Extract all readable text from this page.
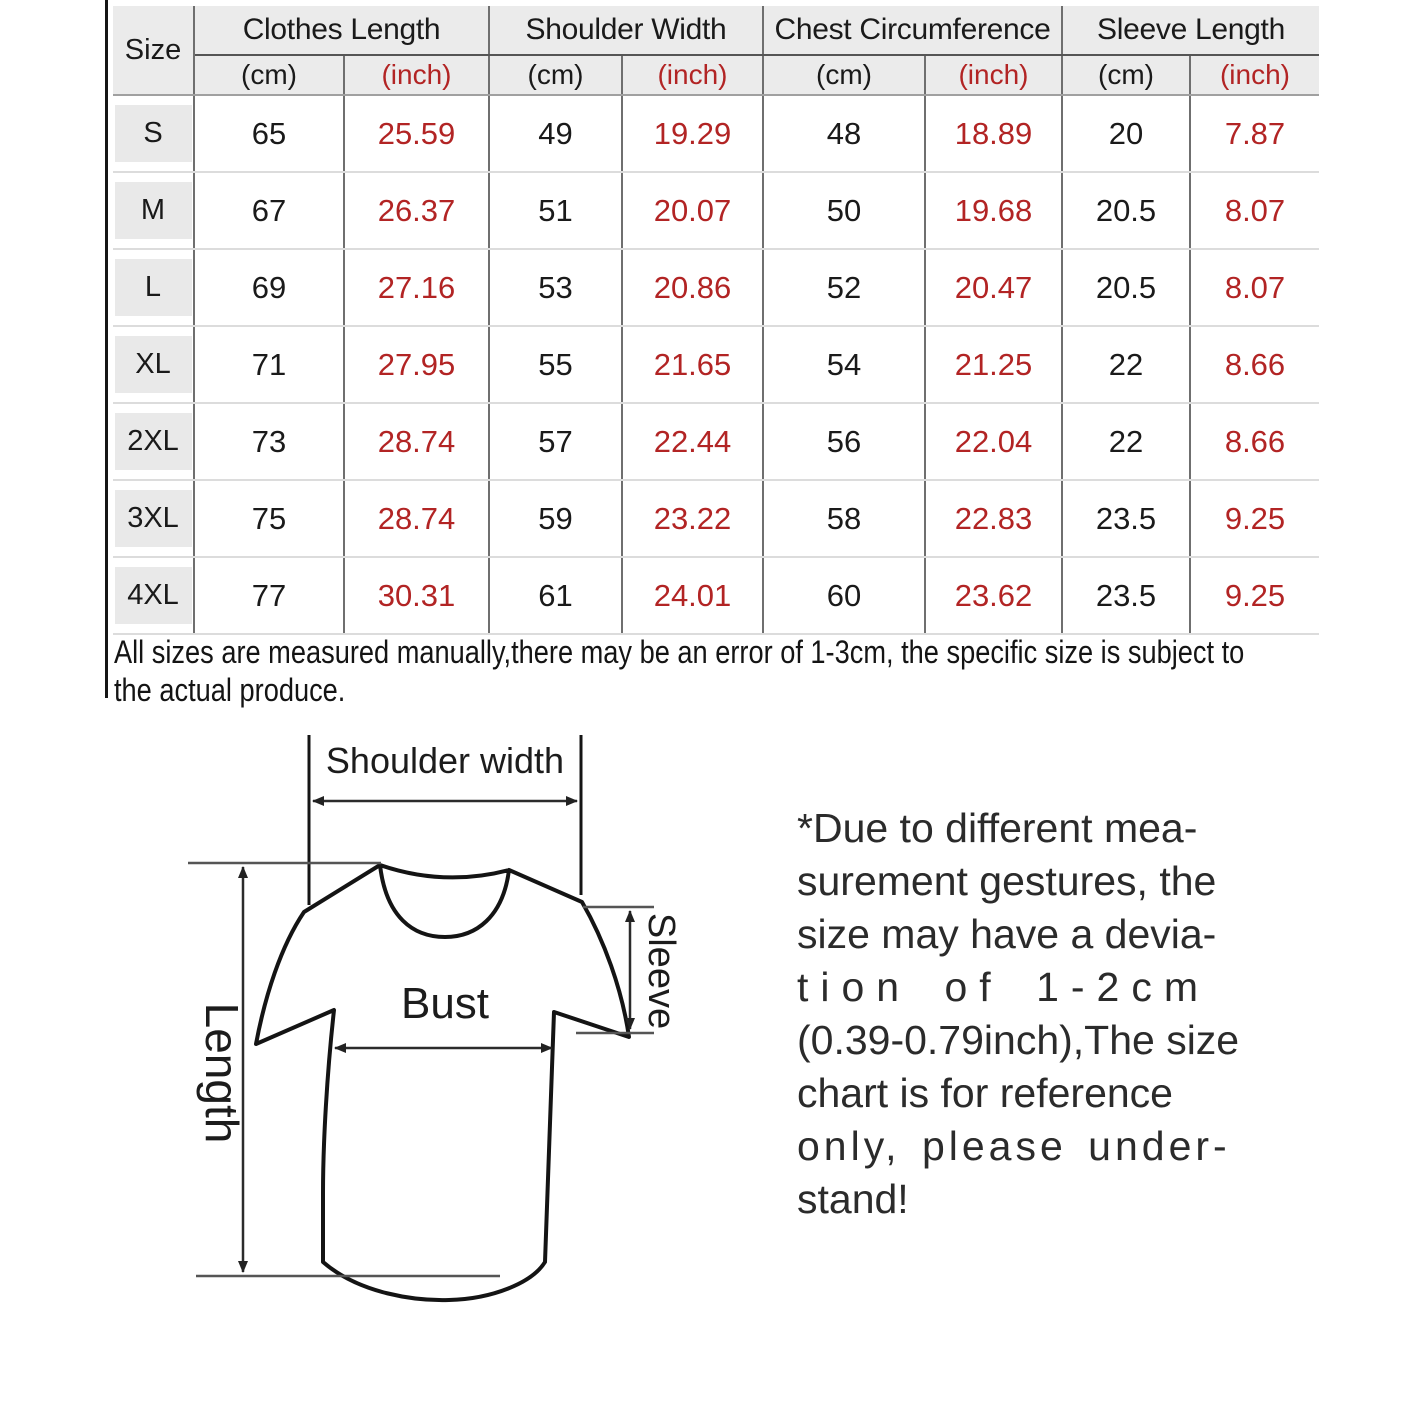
Size	Clothes Length		Shoulder Width		Chest Circumference		Sleeve Length	
	(cm)	(inch)	(cm)	(inch)	(cm)	(inch)	(cm)	(inch)

S	65	25.59	49	19.29	48	18.89	20	7.87

M	67	26.37	51	20.07	50	19.68	20.5	8.07

L	69	27.16	53	20.86	52	20.47	20.5	8.07

XL	71	27.95	55	21.65	54	21.25	22	8.66

2XL	73	28.74	57	22.44	56	22.04	22	8.66

3XL	75	28.74	59	23.22	58	22.83	23.5	9.25

4XL	77	30.31	61	24.01	60	23.62	23.5	9.25
All sizes are measured manually,there may be an error of 1-3cm, the specific size is subject to
the actual produce.
Shoulder width
Length	Bust	Sleeve
*Due to different mea-
surement gestures, the
size may have a devia-
tion of 1-2cm
(0.39-0.79inch),The size
chart is for reference
only, please under-
stand!
